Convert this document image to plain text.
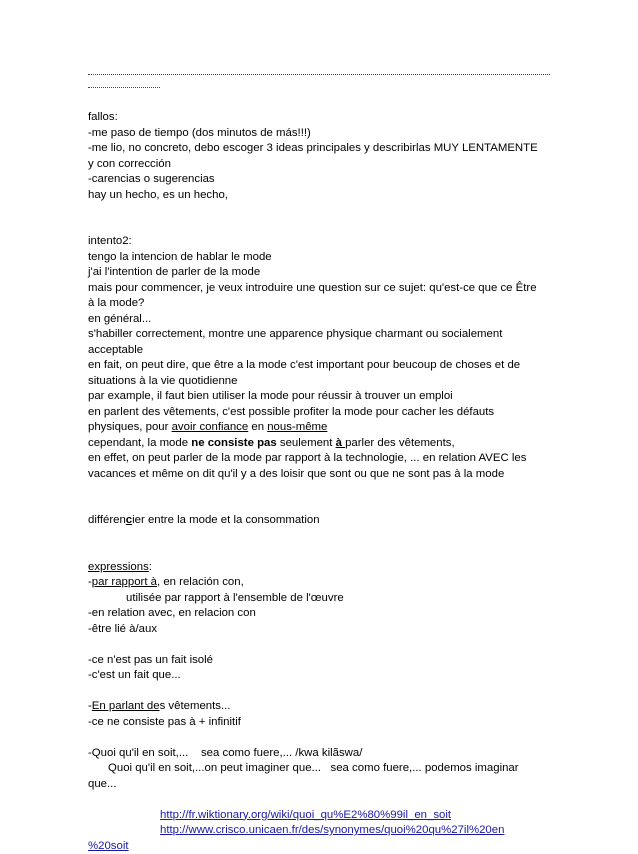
fallos:
-me paso de tiempo (dos minutos de más!!!)
-me lio, no concreto, debo escoger 3 ideas principales y describirlas MUY LENTAMENTE
y con corrección
-carencias o sugerencias
hay un hecho, es un hecho,
intento2:
tengo la intencion de hablar le mode
j'ai l'intention de parler de la mode
mais pour commencer, je veux introduire une question sur ce sujet: qu'est-ce que ce Être
à la mode?
en général...
s'habiller correctement, montre une apparence physique charmant ou socialement
acceptable
en fait, on peut dire, que être a la mode c'est important pour beucoup de choses et de
situations à la vie quotidienne
par example, il faut bien utiliser la mode pour réussir à trouver un emploi
en parlent des vêtements, c'est possible profiter la mode pour cacher les défauts
physiques, pour avoir confiance en nous-même
cependant, la mode ne consiste pas seulement à parler des vêtements,
en effet, on peut parler de la mode par rapport à la technologie, ... en relation AVEC les
vacances et même on dit qu'il y a des loisir que sont ou que ne sont pas à la mode
différencier entre la mode et la consommation
expressions:
-par rapport à, en relación con,
utilisée par rapport à l'ensemble de l'œuvre
-en relation avec, en relacion con
-être lié à/aux
-ce n'est pas un fait isolé
-c'est un fait que...
-En parlant des vêtements...
-ce ne consiste pas à + infinitif
-Quoi qu'il en soit,...    sea como fuere,... /kwa kilãswa/
Quoi qu'il en soit,...on peut imaginer que...   sea como fuere,... podemos imaginar
que...
http://fr.wiktionary.org/wiki/quoi_qu%E2%80%99il_en_soit
http://www.crisco.unicaen.fr/des/synonymes/quoi%20qu%27il%20en
%20soit
